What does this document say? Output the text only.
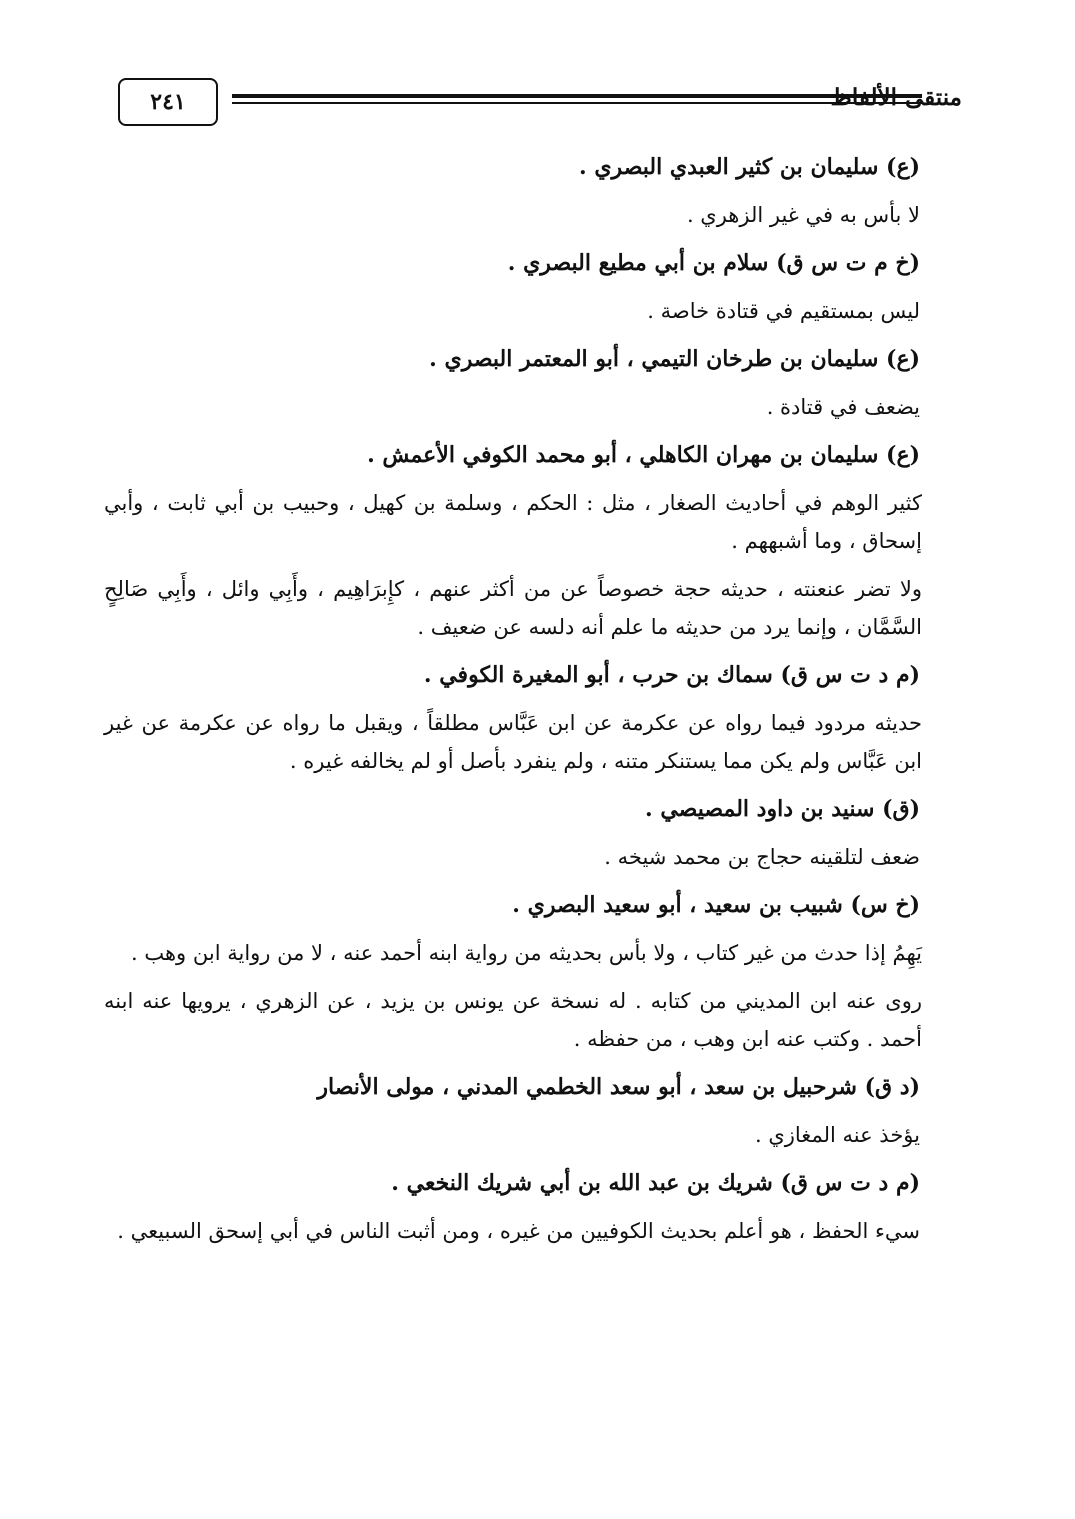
٢٤١	منتقى الألفاظ

(ع) سليمان بن كثير العبدي البصري .

لا بأس به في غير الزهري .

(خ م ت س ق) سلام بن أبي مطيع البصري .

ليس بمستقيم في قتادة خاصة .

(ع) سليمان بن طرخان التيمي ، أبو المعتمر البصري .

يضعف في قتادة .

(ع) سليمان بن مهران الكاهلي ، أبو محمد الكوفي الأعمش .

كثير الوهم في أحاديث الصغار ، مثل : الحكم ، وسلمة بن كهيل ، وحبيب بن أبي ثابت ، وأبي إسحاق ، وما أشبههم .

ولا تضر عنعنته ، حديثه حجة خصوصاً عن من أكثر عنهم ، كإِبرَاهِيم ، وأَبِي وائل ، وأَبِي صَالِحٍ السَّمَّان ، وإنما يرد من حديثه ما علم أنه دلسه عن ضعيف .

(م د ت س ق) سماك بن حرب ، أبو المغيرة الكوفي .

حديثه مردود فيما رواه عن عكرمة عن ابن عَبَّاس مطلقاً ، ويقبل ما رواه عن عكرمة عن غير ابن عَبَّاس ولم يكن مما يستنكر متنه ، ولم ينفرد بأصل أو لم يخالفه غيره .

(ق) سنيد بن داود المصيصي .

ضعف لتلقينه حجاج بن محمد شيخه .

(خ س) شبيب بن سعيد ، أبو سعيد البصري .

يَهِمُ إذا حدث من غير كتاب ، ولا بأس بحديثه من رواية ابنه أحمد عنه ، لا من رواية ابن وهب .

روى عنه ابن المديني من كتابه . له نسخة عن يونس بن يزيد ، عن الزهري ، يرويها عنه ابنه أحمد . وكتب عنه ابن وهب ، من حفظه .

(د ق) شرحبيل بن سعد ، أبو سعد الخطمي المدني ، مولى الأنصار

يؤخذ عنه المغازي .

(م د ت س ق) شريك بن عبد الله بن أبي شريك النخعي .

سيء الحفظ ، هو أعلم بحديث الكوفيين من غيره ، ومن أثبت الناس في أبي إسحق السبيعي .
